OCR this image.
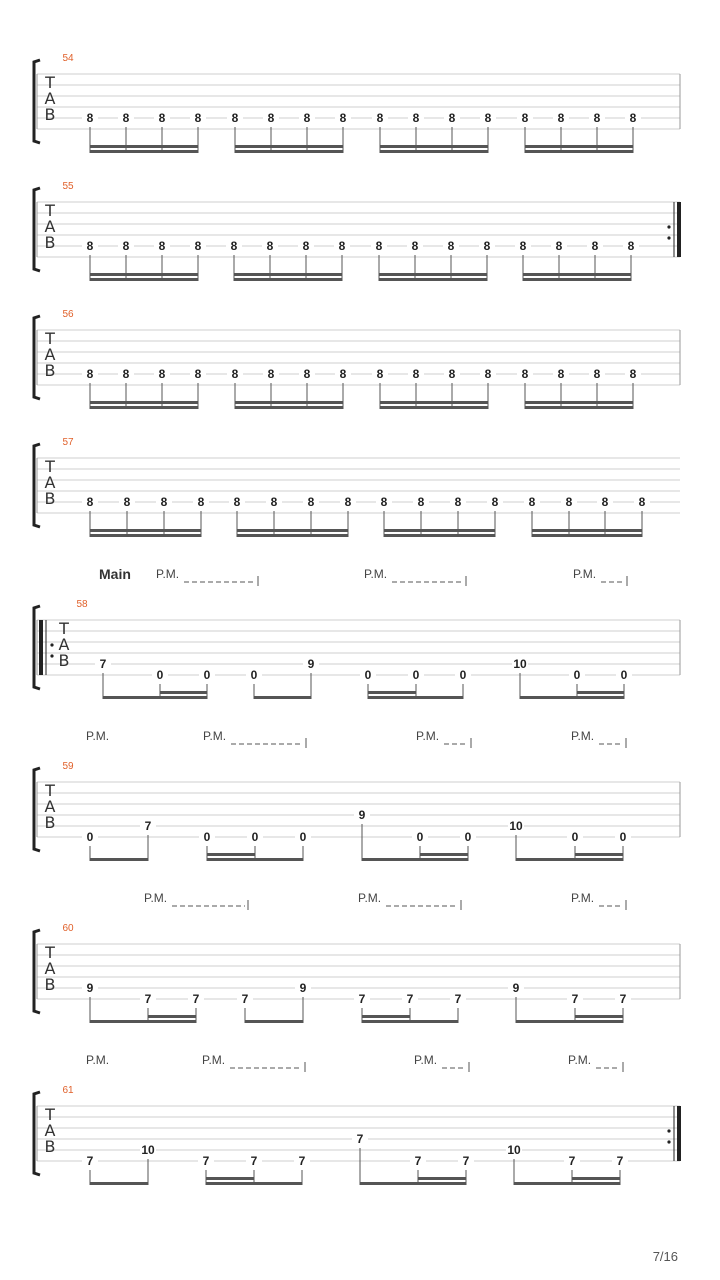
T
A
B
54
8 8 8 8	8 8 8 8	8 8 8 8	8 8 8 8
T
A
B
55
8 8 8 8 8 8 8 8	8 8 8 8 8 8 8 8
T
A
B
56
8 8 8 8	8 8 8 8	8 8 8 8	8 8 8 8
T
A
B
57
8	8	8	8 8	8	8	8 8	8	8	8	8	8 8	8
T
A
B
58
7
0	0	0
9
0	0	0
10
0	0
Main P.M.	P.M.	P.M.
T
A
B
59
0
7
0	0	0
9
0	0
10
0	0
P.M.	P.M.	P.M.	P.M.
T
A
B
60
9
7	7	7
9
7	7	7
9
7	7
P.M.	P.M.	P.M.
T
A
B
61
7
10
7	7	7
7
7	7
10
7	7
P.M.	P.M.	P.M.	P.M.
7/16
